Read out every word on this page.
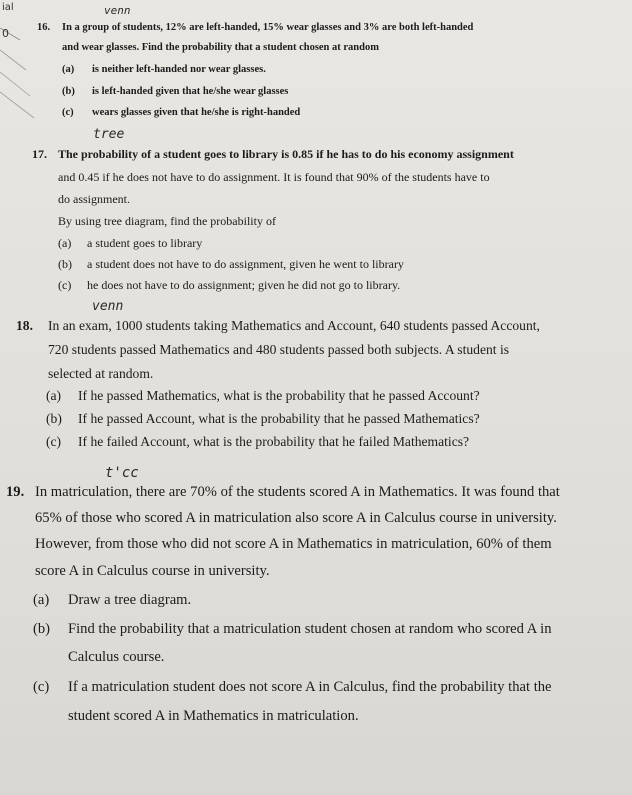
ial
0
venn
tree
venn
t'cc
16. In a group of students, 12% are left-handed, 15% wear glasses and 3% are both left-handed
and wear glasses. Find the probability that a student chosen at random
(a) is neither left-handed nor wear glasses.
(b) is left-handed given that he/she wear glasses
(c) wears glasses given that he/she is right-handed
17. The probability of a student goes to library is 0.85 if he has to do his economy assignment
and 0.45 if he does not have to do assignment. It is found that 90% of the students have to
do assignment.
By using tree diagram, find the probability of
(a) a student goes to library
(b) a student does not have to do assignment, given he went to library
(c) he does not have to do assignment; given he did not go to library.
18. In an exam, 1000 students taking Mathematics and Account, 640 students passed Account,
720 students passed Mathematics and 480 students passed both subjects. A student is
selected at random.
(a) If he passed Mathematics, what is the probability that he passed Account?
(b) If he passed Account, what is the probability that he passed Mathematics?
(c) If he failed Account, what is the probability that he failed Mathematics?
19. In matriculation, there are 70% of the students scored A in Mathematics. It was found that
65% of those who scored A in matriculation also score A in Calculus course in university.
However, from those who did not score A in Mathematics in matriculation, 60% of them
score A in Calculus course in university.
(a) Draw a tree diagram.
(b) Find the probability that a matriculation student chosen at random who scored A in
Calculus course.
(c) If a matriculation student does not score A in Calculus, find the probability that the
student scored A in Mathematics in matriculation.
